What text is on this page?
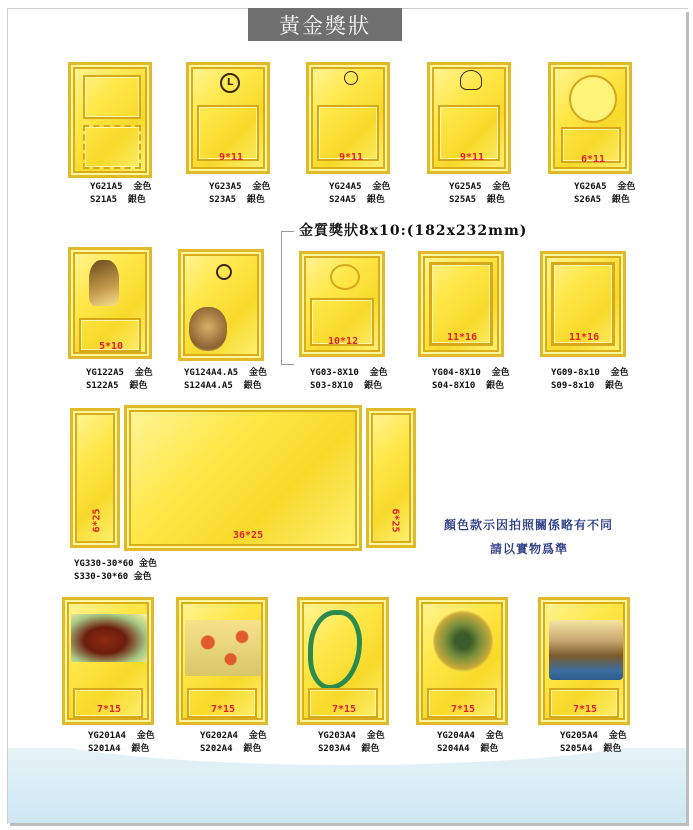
黃金獎狀
YG21A5  金色
S21A5  銀色
L
9*11
YG23A5  金色
S23A5  銀色
9*11
YG24A5  金色
S24A5  銀色
9*11
YG25A5  金色
S25A5  銀色
6*11
YG26A5  金色
S26A5  銀色
金質獎狀8x10:(182x232mm)
5*10
YG122A5  金色
S122A5  銀色
YG124A4.A5  金色
S124A4.A5  銀色
10*12
YG03-8X10  金色
S03-8X10  銀色
11*16
YG04-8X10  金色
S04-8X10  銀色
11*16
YG09-8x10  金色
S09-8x10  銀色
6*25
36*25
6*25
YG330-30*60 金色
S330-30*60 金色
顏色款示因拍照關係略有不同
請以實物爲準
7*15
YG201A4  金色
S201A4  銀色
7*15
YG202A4  金色
S202A4  銀色
7*15
YG203A4  金色
S203A4  銀色
7*15
YG204A4  金色
S204A4  銀色
7*15
YG205A4  金色
S205A4  銀色
